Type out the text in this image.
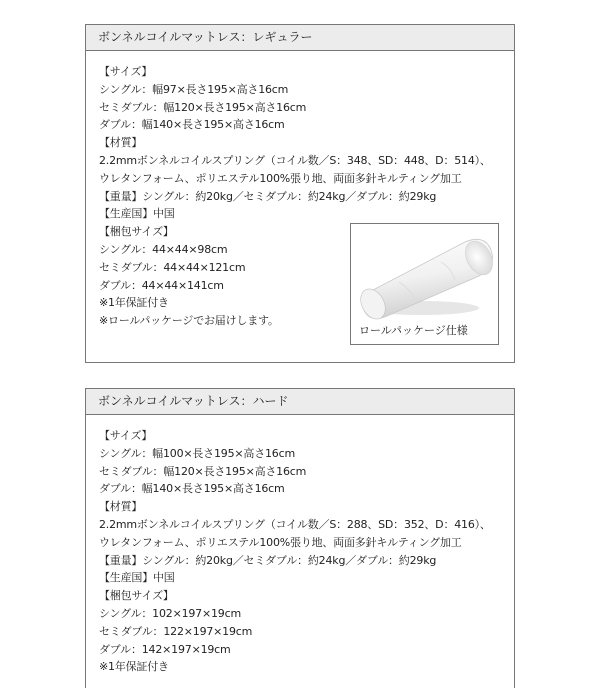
ボンネルコイルマットレス：レギュラー
【サイズ】
シングル：幅97×長さ195×高さ16cm
セミダブル：幅120×長さ195×高さ16cm
ダブル：幅140×長さ195×高さ16cm
【材質】
2.2mmボンネルコイルスプリング（コイル数／S：348、SD：448、D：514）、
ウレタンフォーム、ポリエステル100%張り地、両面多針キルティング加工
【重量】シングル：約20kg／セミダブル：約24kg／ダブル：約29kg
【生産国】中国
【梱包サイズ】
シングル：44×44×98cm
セミダブル：44×44×121cm
ダブル：44×44×141cm
※1年保証付き
※ロールパッケージでお届けします。
ロールパッケージ仕様
ボンネルコイルマットレス：ハード
【サイズ】
シングル：幅100×長さ195×高さ16cm
セミダブル：幅120×長さ195×高さ16cm
ダブル：幅140×長さ195×高さ16cm
【材質】
2.2mmボンネルコイルスプリング（コイル数／S：288、SD：352、D：416）、
ウレタンフォーム、ポリエステル100%張り地、両面多針キルティング加工
【重量】シングル：約20kg／セミダブル：約24kg／ダブル：約29kg
【生産国】中国
【梱包サイズ】
シングル：102×197×19cm
セミダブル：122×197×19cm
ダブル：142×197×19cm
※1年保証付き
